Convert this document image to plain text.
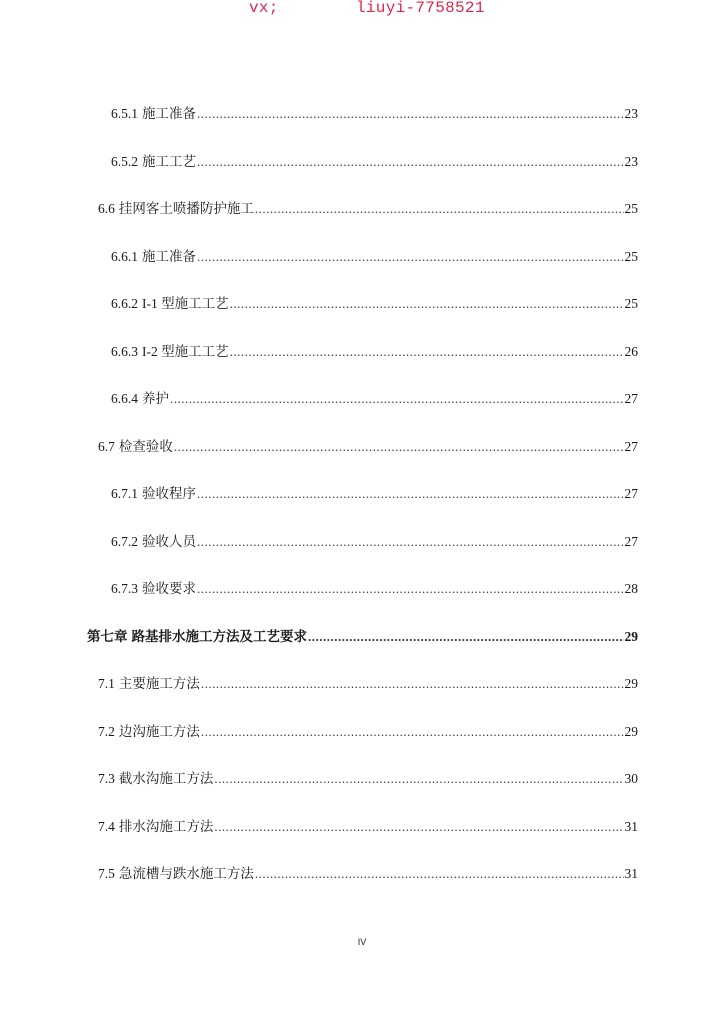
vx;	liuyi-7758521
6.5.1 施工准备 .....	23
6.5.2 施工工艺 .....	23
6.6 挂网客土喷播防护施工 .....	25
6.6.1 施工准备 .....	25
6.6.2 I-1 型施工工艺 .....	25
6.6.3 I-2 型施工工艺 .....	26
6.6.4 养护 .....	27
6.7 检查验收 .....	27
6.7.1 验收程序 .....	27
6.7.2 验收人员 .....	27
6.7.3 验收要求 .....	28
第七章 路基排水施工方法及工艺要求 .....	29
7.1 主要施工方法 .....	29
7.2 边沟施工方法 .....	29
7.3 截水沟施工方法 .....	30
7.4 排水沟施工方法 .....	31
7.5 急流槽与跌水施工方法 .....	31
IV
